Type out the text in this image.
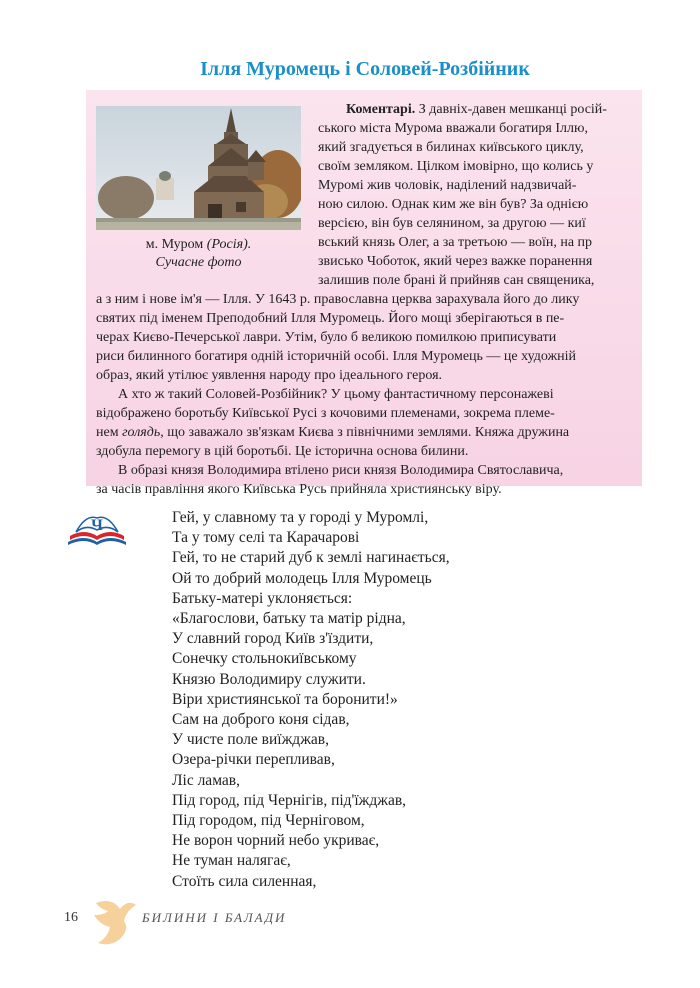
Ілля Муромець і Соловей-Розбійник
м. Муром (Росія).
Сучасне фото
Коментарі. З давніх-давен мешканці росій-
ського міста Мурома вважали богатиря Іллю,
який згадується в билинах київського циклу,
своїм земляком. Цілком імовірно, що колись у
Муромі жив чоловік, наділений надзвичай-
ною силою. Однак ким же він був? За однією
версією, він був селянином, за другою — киї
вський князь Олег, а за третьою — воїн, на пр
звисько Чоботок, який через важке поранення
залишив поле брані й прийняв сан священика,
а з ним і нове ім'я — Ілля. У 1643 р. православна церква зарахувала його до лику
святих під іменем Преподобний Ілля Муромець. Його мощі зберігаються в пе-
черах Києво-Печерської лаври. Утім, було б великою помилкою приписувати
риси билинного богатиря одній історичній особі. Ілля Муромець — це художній
образ, який утілює уявлення народу про ідеального героя.
А хто ж такий Соловей-Розбійник? У цьому фантастичному персонажеві
відображено боротьбу Київської Русі з кочовими племенами, зокрема племе-
нем голядь, що заважало зв'язкам Києва з північними землями. Княжа дружина
здобула перемогу в цій боротьбі. Це історична основа билини.
В образі князя Володимира втілено риси князя Володимира Святославича,
за часів правління якого Київська Русь прийняла християнську віру.
Ч	Гей, у славному та у городі у Муромлі,
Та у тому селі та Карачарові
Гей, то не старий дуб к землі нагинається,
Ой то добрий молодець Ілля Муромець
Батьку-матері уклоняється:
«Благослови, батьку та матір рідна,
У славний город Київ з'їздити,
Сонечку стольнокиївському
Князю Володимиру служити.
Віри християнської та боронити!»
Сам на доброго коня сідав,
У чисте поле виїжджав,
Озера-річки перепливав,
Ліс ламав,
Під город, під Чернігів, під'їжджав,
Під городом, під Черніговом,
Не ворон чорний небо укриває,
Не туман налягає,
Стоїть сила силенная,
16	БИЛИНИ І БАЛАДИ
